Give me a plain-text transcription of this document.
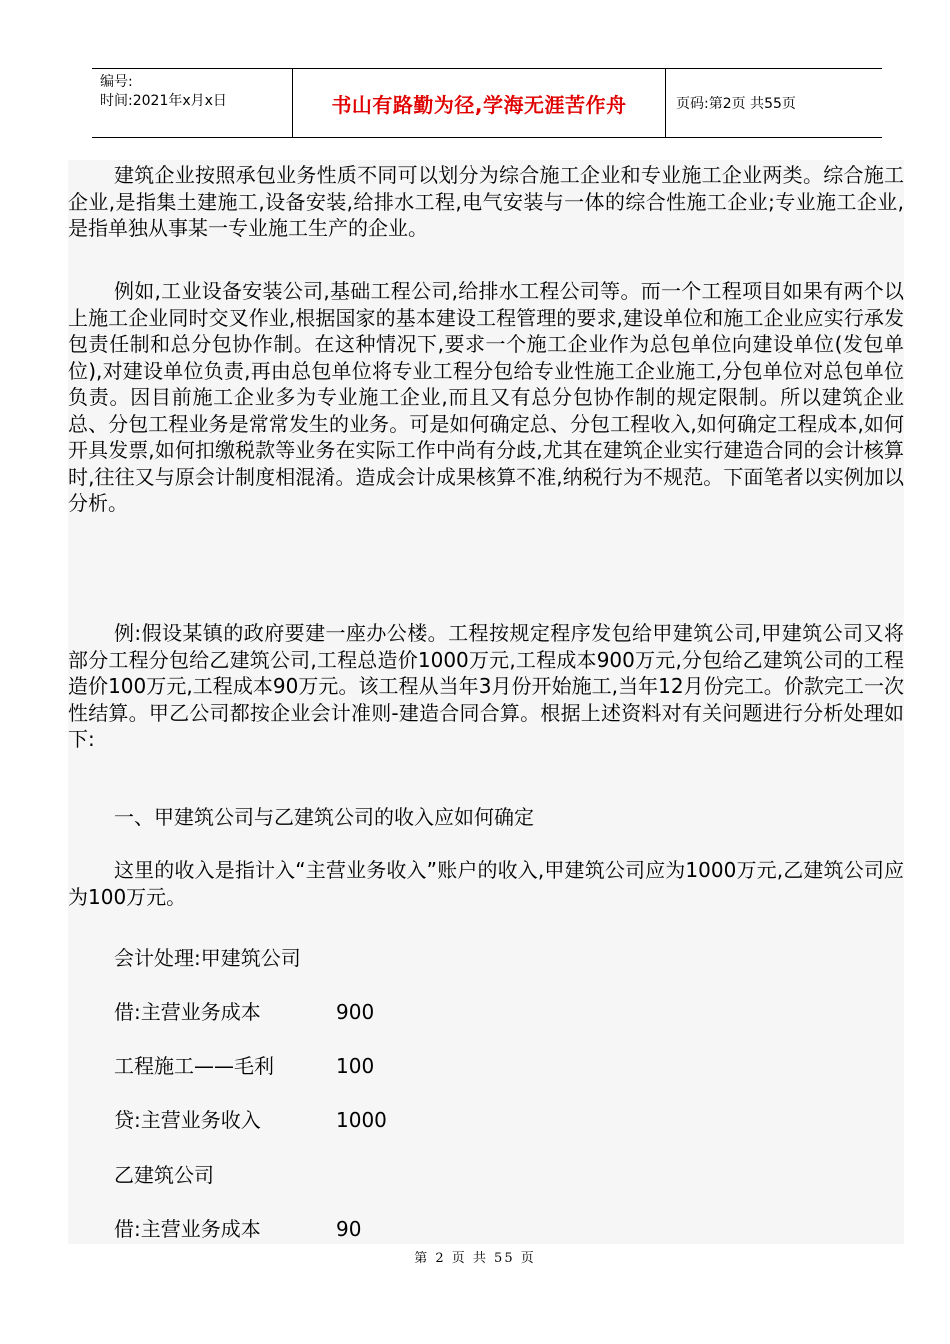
编号:
时间:2021年x月x日	书山有路勤为径,学海无涯苦作舟	页码:第2页 共55页

建筑企业按照承包业务性质不同可以划分为综合施工企业和专业施工企业两类。综合施工企业,是指集土建施工,设备安装,给排水工程,电气安装与一体的综合性施工企业;专业施工企业,是指单独从事某一专业施工生产的企业。

例如,工业设备安装公司,基础工程公司,给排水工程公司等。而一个工程项目如果有两个以上施工企业同时交叉作业,根据国家的基本建设工程管理的要求,建设单位和施工企业应实行承发包责任制和总分包协作制。在这种情况下,要求一个施工企业作为总包单位向建设单位(发包单位),对建设单位负责,再由总包单位将专业工程分包给专业性施工企业施工,分包单位对总包单位负责。因目前施工企业多为专业施工企业,而且又有总分包协作制的规定限制。所以建筑企业总、分包工程业务是常常发生的业务。可是如何确定总、分包工程收入,如何确定工程成本,如何开具发票,如何扣缴税款等业务在实际工作中尚有分歧,尤其在建筑企业实行建造合同的会计核算时,往往又与原会计制度相混淆。造成会计成果核算不准,纳税行为不规范。下面笔者以实例加以分析。

例:假设某镇的政府要建一座办公楼。工程按规定程序发包给甲建筑公司,甲建筑公司又将部分工程分包给乙建筑公司,工程总造价1000万元,工程成本900万元,分包给乙建筑公司的工程造价100万元,工程成本90万元。该工程从当年3月份开始施工,当年12月份完工。价款完工一次性结算。甲乙公司都按企业会计准则-建造合同合算。根据上述资料对有关问题进行分析处理如下:

一、甲建筑公司与乙建筑公司的收入应如何确定

这里的收入是指计入“主营业务收入”账户的收入,甲建筑公司应为1000万元,乙建筑公司应为100万元。

会计处理:甲建筑公司
借:主营业务成本	900
工程施工——毛利	100
贷:主营业务收入	1000
乙建筑公司
借:主营业务成本	90
第 2 页 共 55 页
